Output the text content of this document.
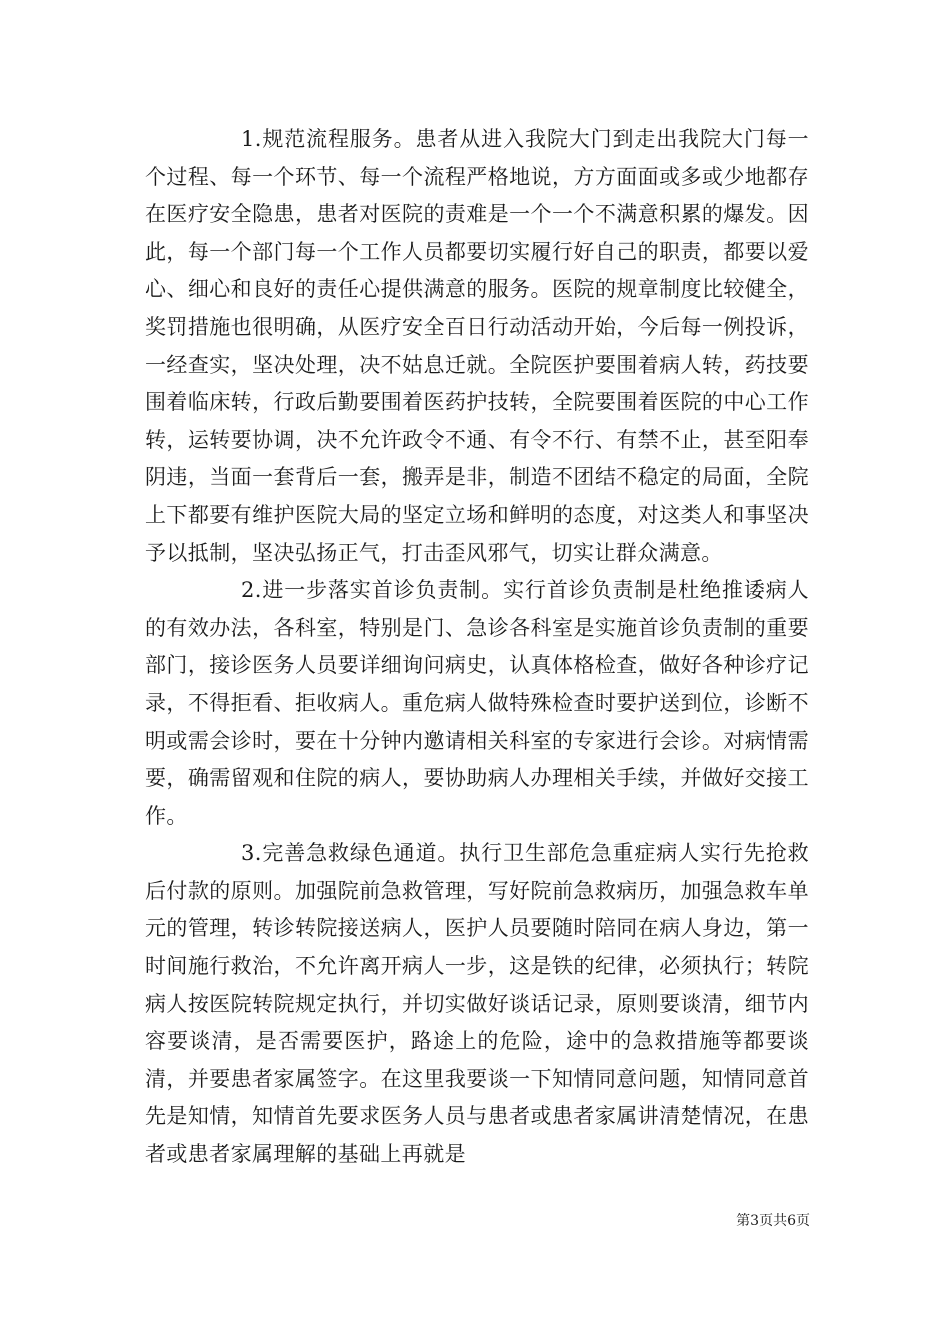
1.规范流程服务。患者从进入我院大门到走出我院大门每一个过程、每一个环节、每一个流程严格地说，方方面面或多或少地都存在医疗安全隐患，患者对医院的责难是一个一个不满意积累的爆发。因此，每一个部门每一个工作人员都要切实履行好自己的职责，都要以爱心、细心和良好的责任心提供满意的服务。医院的规章制度比较健全，奖罚措施也很明确，从医疗安全百日行动活动开始，今后每一例投诉，一经查实，坚决处理，决不姑息迁就。全院医护要围着病人转，药技要围着临床转，行政后勤要围着医药护技转，全院要围着医院的中心工作转，运转要协调，决不允许政令不通、有令不行、有禁不止，甚至阳奉阴违，当面一套背后一套，搬弄是非，制造不团结不稳定的局面，全院上下都要有维护医院大局的坚定立场和鲜明的态度，对这类人和事坚决予以抵制，坚决弘扬正气，打击歪风邪气，切实让群众满意。

2.进一步落实首诊负责制。实行首诊负责制是杜绝推诿病人的有效办法，各科室，特别是门、急诊各科室是实施首诊负责制的重要部门，接诊医务人员要详细询问病史，认真体格检查，做好各种诊疗记录，不得拒看、拒收病人。重危病人做特殊检查时要护送到位，诊断不明或需会诊时，要在十分钟内邀请相关科室的专家进行会诊。对病情需要，确需留观和住院的病人，要协助病人办理相关手续，并做好交接工作。

3.完善急救绿色通道。执行卫生部危急重症病人实行先抢救后付款的原则。加强院前急救管理，写好院前急救病历，加强急救车单元的管理，转诊转院接送病人，医护人员要随时陪同在病人身边，第一时间施行救治，不允许离开病人一步，这是铁的纪律，必须执行；转院病人按医院转院规定执行，并切实做好谈话记录，原则要谈清，细节内容要谈清，是否需要医护，路途上的危险，途中的急救措施等都要谈清，并要患者家属签字。在这里我要谈一下知情同意问题，知情同意首先是知情，知情首先要求医务人员与患者或患者家属讲清楚情况，在患者或患者家属理解的基础上再就是

第3页共6页
